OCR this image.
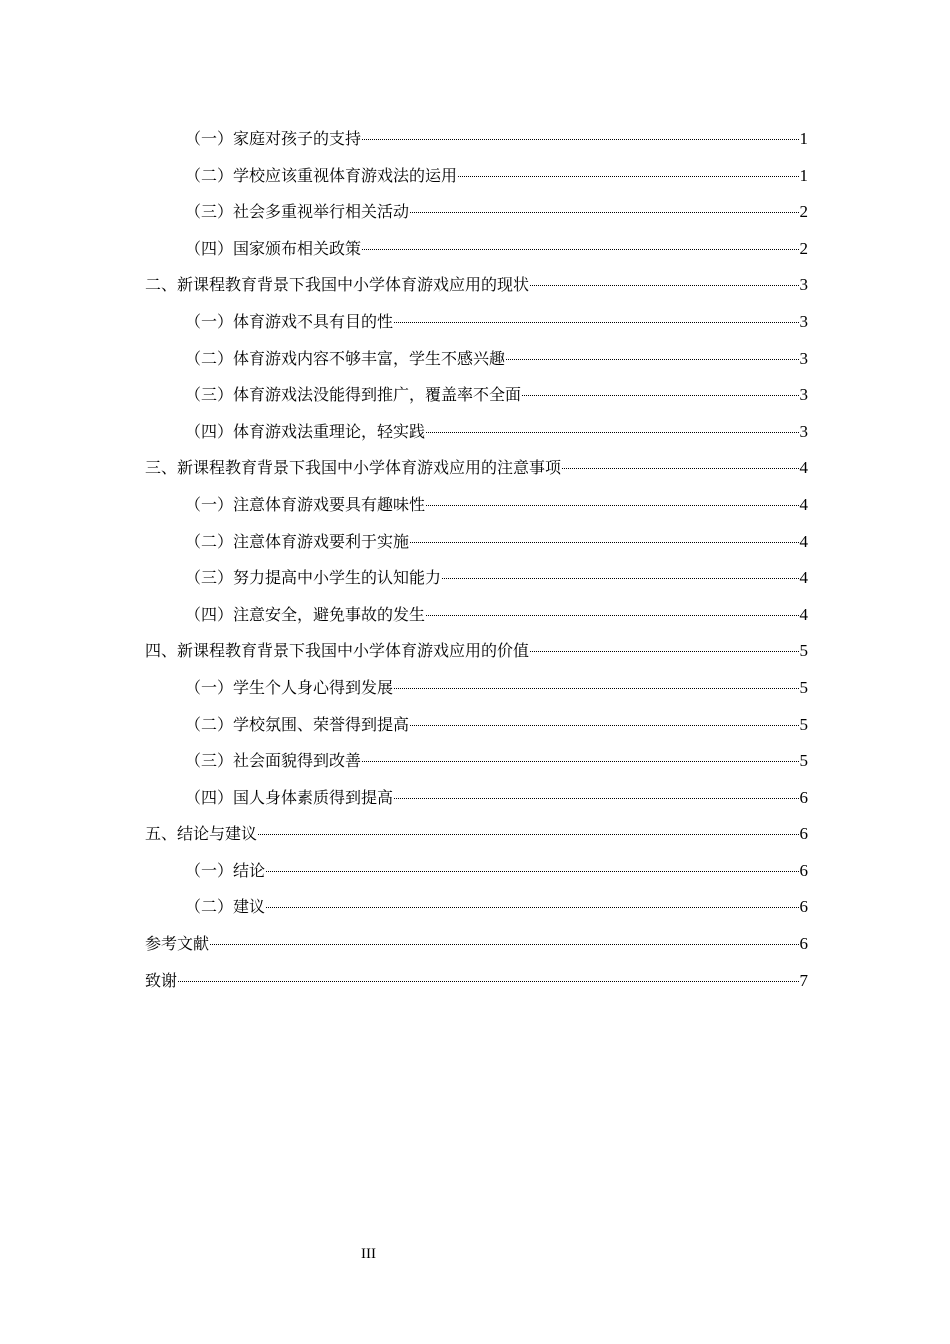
（一）家庭对孩子的支持	1
（二）学校应该重视体育游戏法的运用	1
（三）社会多重视举行相关活动	2
（四）国家颁布相关政策	2
二、新课程教育背景下我国中小学体育游戏应用的现状	3
（一）体育游戏不具有目的性	3
（二）体育游戏内容不够丰富，学生不感兴趣	3
（三）体育游戏法没能得到推广，覆盖率不全面	3
（四）体育游戏法重理论，轻实践	3
三、新课程教育背景下我国中小学体育游戏应用的注意事项	4
（一）注意体育游戏要具有趣味性	4
（二）注意体育游戏要利于实施	4
（三）努力提高中小学生的认知能力	4
（四）注意安全，避免事故的发生	4
四、新课程教育背景下我国中小学体育游戏应用的价值	5
（一）学生个人身心得到发展	5
（二）学校氛围、荣誉得到提高	5
（三）社会面貌得到改善	5
（四）国人身体素质得到提高	6
五、结论与建议	6
（一）结论	6
（二）建议	6
参考文献	6
致谢	7
III
